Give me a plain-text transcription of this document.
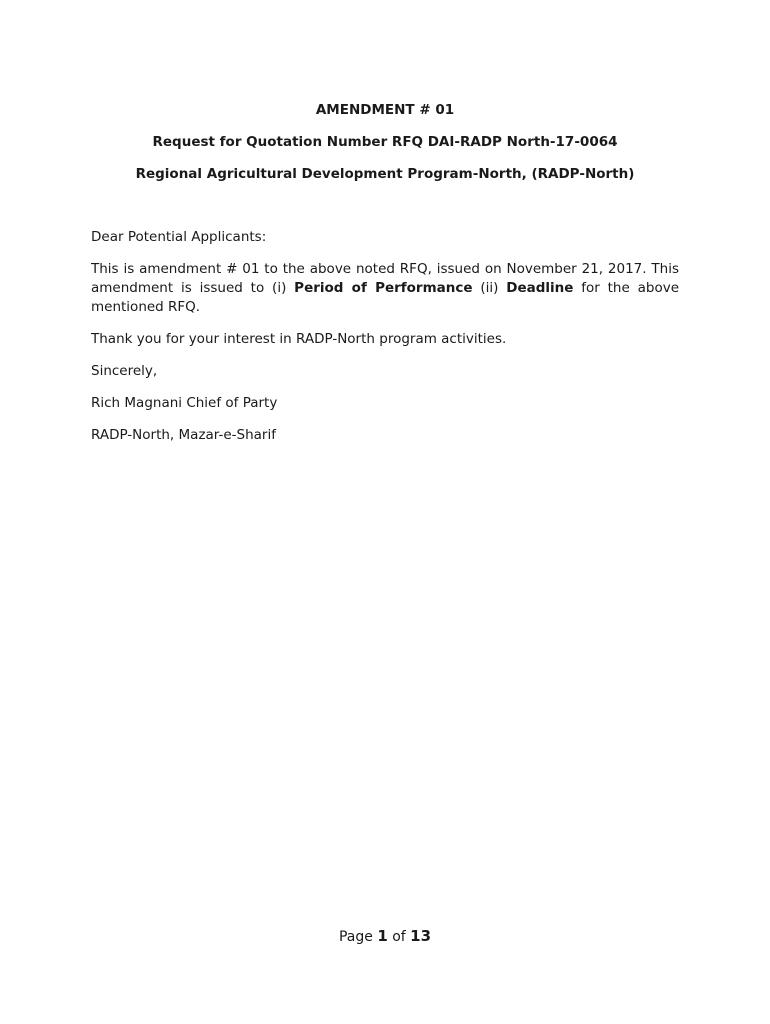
AMENDMENT # 01
Request for Quotation Number RFQ DAI-RADP North-17-0064
Regional Agricultural Development Program-North, (RADP-North)
Dear Potential Applicants:
This is amendment # 01 to the above noted RFQ, issued on November 21, 2017. This amendment is issued to (i) Period of Performance (ii) Deadline for the above mentioned RFQ.
Thank you for your interest in RADP-North program activities.
Sincerely,
Rich Magnani Chief of Party
RADP-North, Mazar-e-Sharif
Page 1 of 13
